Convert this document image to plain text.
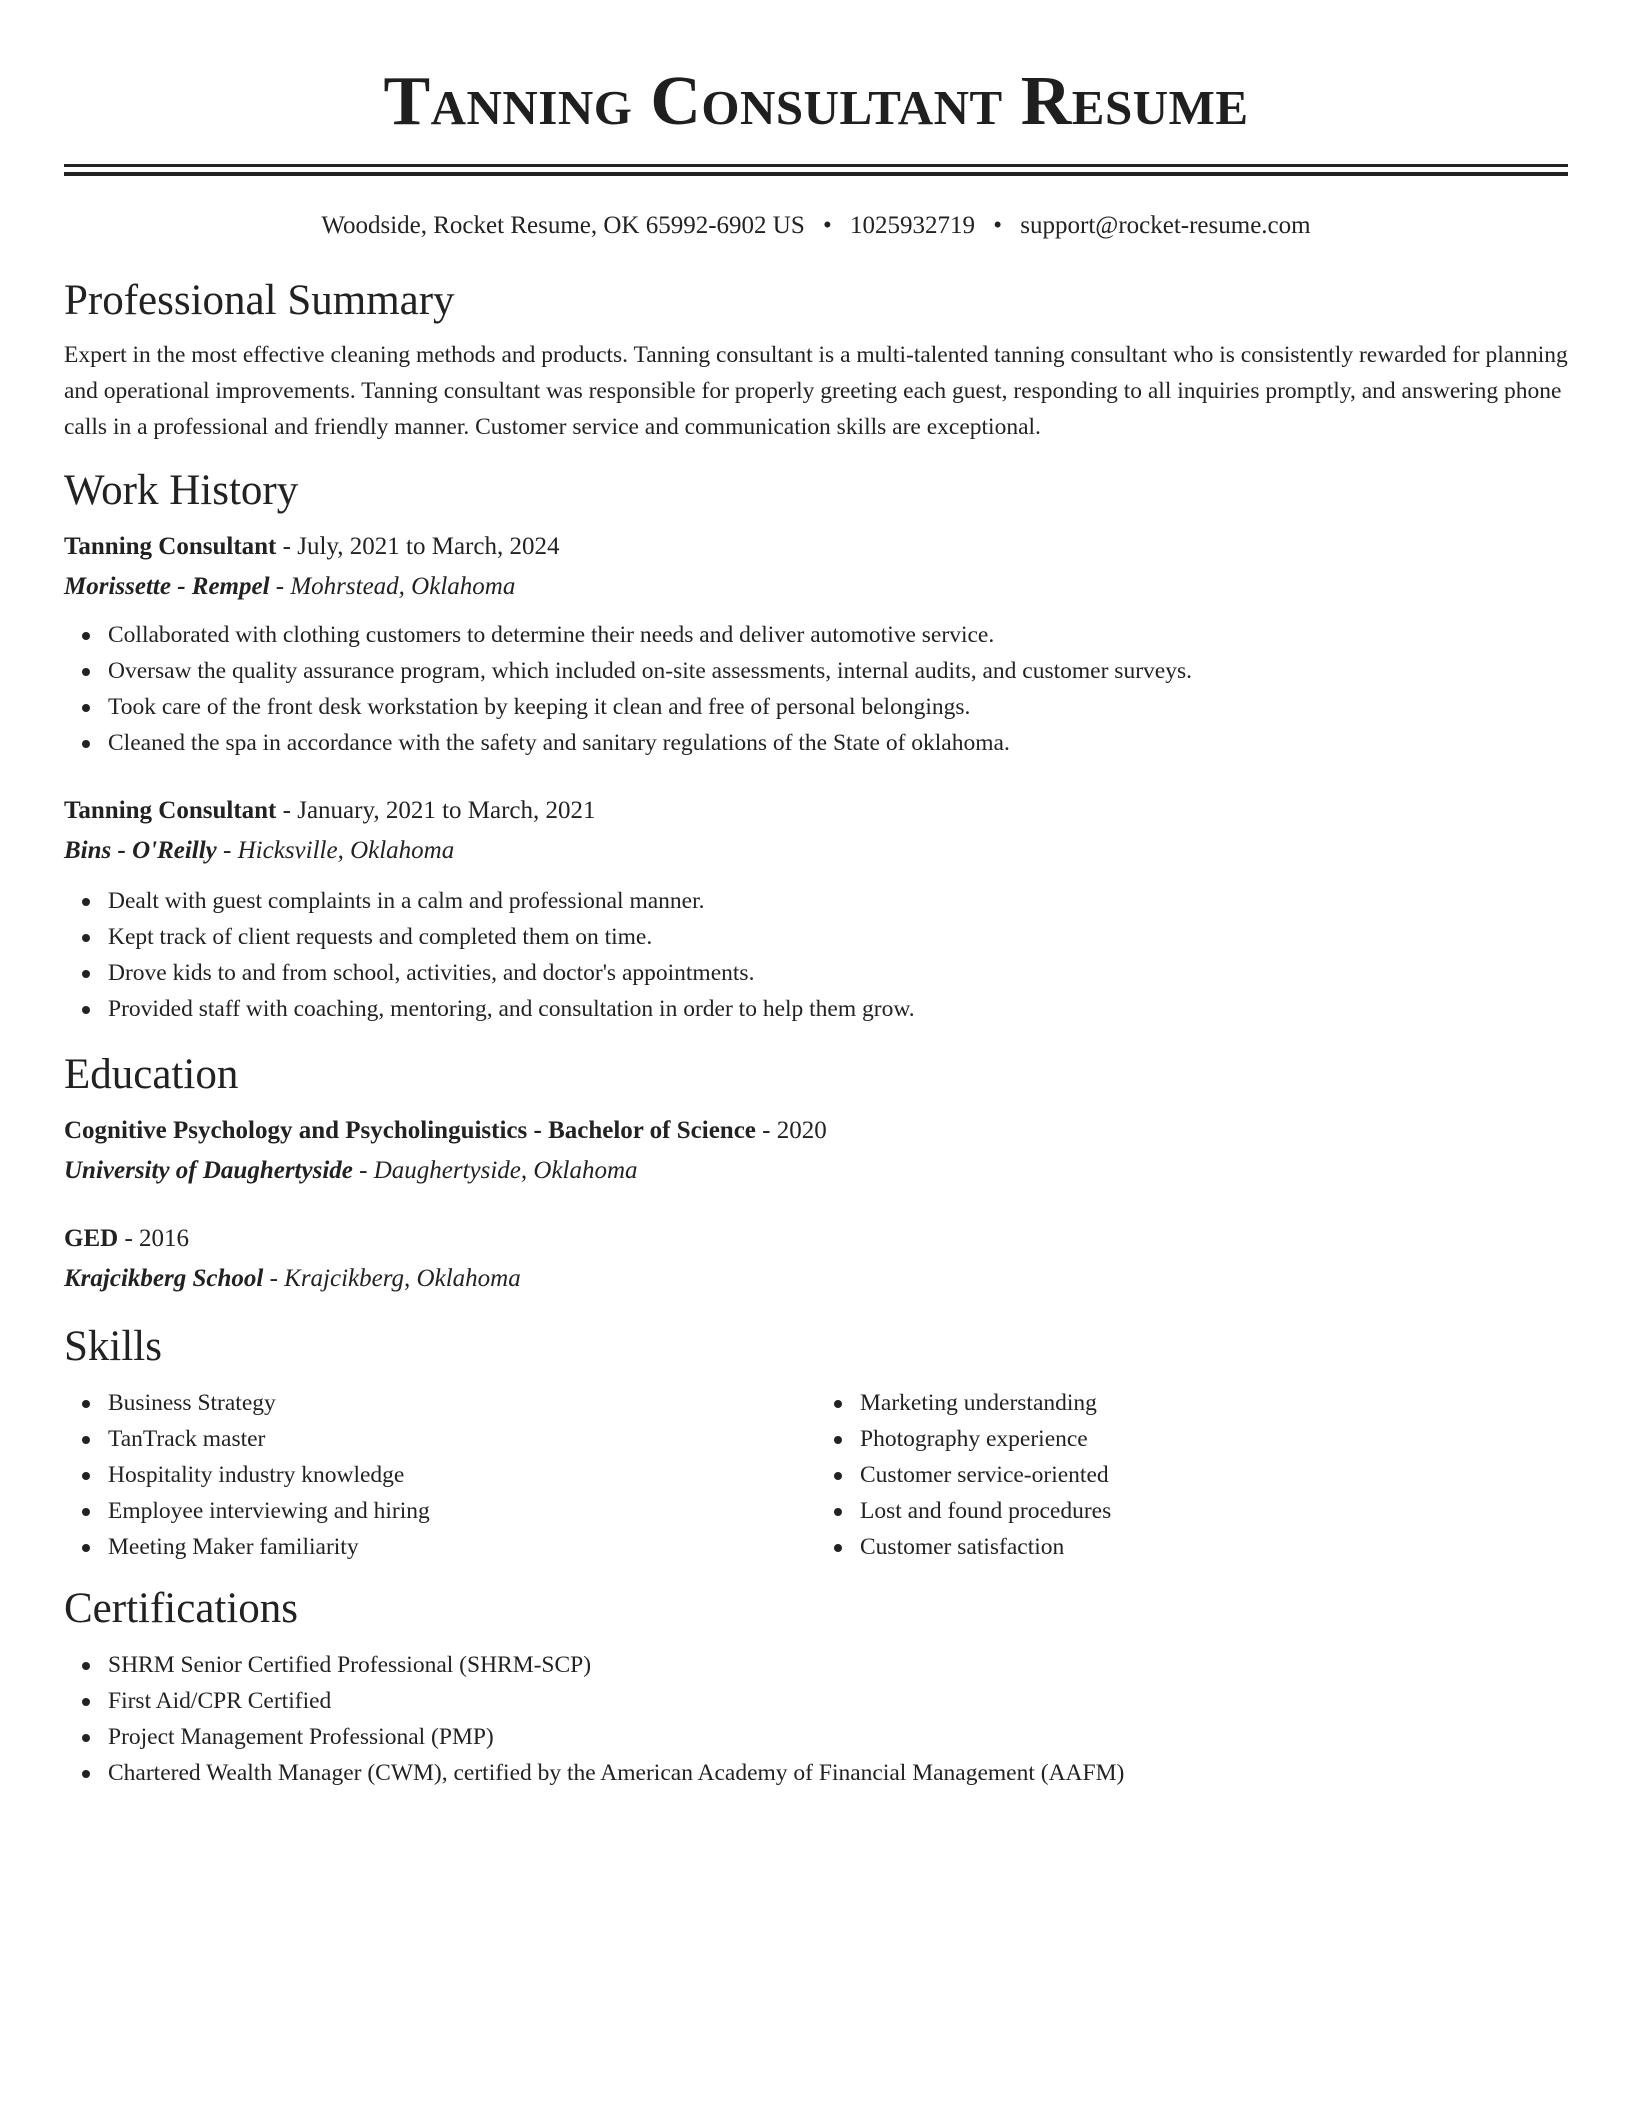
Tanning Consultant Resume
Woodside, Rocket Resume, OK 65992-6902 US • 1025932719 • support@rocket-resume.com
Professional Summary

Expert in the most effective cleaning methods and products. Tanning consultant is a multi-talented tanning consultant who is consistently rewarded for planning and operational improvements. Tanning consultant was responsible for properly greeting each guest, responding to all inquiries promptly, and answering phone calls in a professional and friendly manner. Customer service and communication skills are exceptional.

Work History

Tanning Consultant - July, 2021 to March, 2024

Morissette - Rempel - Mohrstead, Oklahoma

Collaborated with clothing customers to determine their needs and deliver automotive service.
Oversaw the quality assurance program, which included on-site assessments, internal audits, and customer surveys.
Took care of the front desk workstation by keeping it clean and free of personal belongings.
Cleaned the spa in accordance with the safety and sanitary regulations of the State of oklahoma.

Tanning Consultant - January, 2021 to March, 2021

Bins - O'Reilly - Hicksville, Oklahoma

Dealt with guest complaints in a calm and professional manner.
Kept track of client requests and completed them on time.
Drove kids to and from school, activities, and doctor's appointments.
Provided staff with coaching, mentoring, and consultation in order to help them grow.
Education

Cognitive Psychology and Psycholinguistics - Bachelor of Science - 2020

University of Daughertyside - Daughertyside, Oklahoma

GED - 2016

Krajcikberg School - Krajcikberg, Oklahoma

Skills
Business Strategy
TanTrack master
Hospitality industry knowledge
Employee interviewing and hiring
Meeting Maker familiarity
Marketing understanding
Photography experience
Customer service-oriented
Lost and found procedures
Customer satisfaction
Certifications
SHRM Senior Certified Professional (SHRM-SCP)
First Aid/CPR Certified
Project Management Professional (PMP)
Chartered Wealth Manager (CWM), certified by the American Academy of Financial Management (AAFM)
